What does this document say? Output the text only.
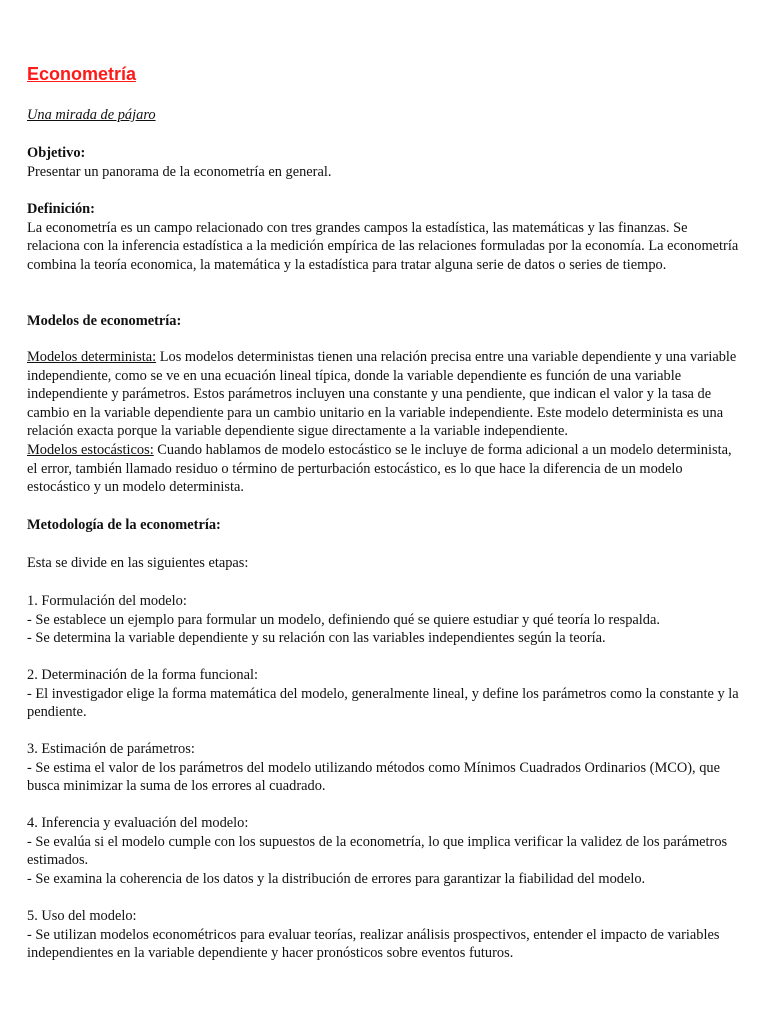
Econometría

Una mirada de pájaro

Objetivo:

Presentar un panorama de la econometría en general.

Definición:

La econometría es un campo relacionado con tres grandes campos la estadística, las matemáticas y las finanzas. Se relaciona con la inferencia estadística a la medición empírica de las relaciones formuladas por la economía. La econometría combina la teoría economica, la matemática y la estadística para tratar alguna serie de datos o series de tiempo.

Modelos de econometría:

Modelos determinista: Los modelos deterministas tienen una relación precisa entre una variable dependiente y una variable independiente, como se ve en una ecuación lineal típica, donde la variable dependiente es función de una variable independiente y parámetros. Estos parámetros incluyen una constante y una pendiente, que indican el valor y la tasa de cambio en la variable dependiente para un cambio unitario en la variable independiente. Este modelo determinista es una relación exacta porque la variable dependiente sigue directamente a la variable independiente.

Modelos estocásticos: Cuando hablamos de modelo estocástico se le incluye de forma adicional a un modelo determinista, el error, también llamado residuo o término de perturbación estocástico, es lo que hace la diferencia de un modelo estocástico y un modelo determinista.

Metodología de la econometría:

Esta se divide en las siguientes etapas:

1. Formulación del modelo:

- Se establece un ejemplo para formular un modelo, definiendo qué se quiere estudiar y qué teoría lo respalda.

- Se determina la variable dependiente y su relación con las variables independientes según la teoría.

2. Determinación de la forma funcional:

- El investigador elige la forma matemática del modelo, generalmente lineal, y define los parámetros como la constante y la pendiente.

3. Estimación de parámetros:

- Se estima el valor de los parámetros del modelo utilizando métodos como Mínimos Cuadrados Ordinarios (MCO), que busca minimizar la suma de los errores al cuadrado.

4. Inferencia y evaluación del modelo:

- Se evalúa si el modelo cumple con los supuestos de la econometría, lo que implica verificar la validez de los parámetros estimados.

- Se examina la coherencia de los datos y la distribución de errores para garantizar la fiabilidad del modelo.

5. Uso del modelo:

- Se utilizan modelos econométricos para evaluar teorías, realizar análisis prospectivos, entender el impacto de variables independientes en la variable dependiente y hacer pronósticos sobre eventos futuros.
